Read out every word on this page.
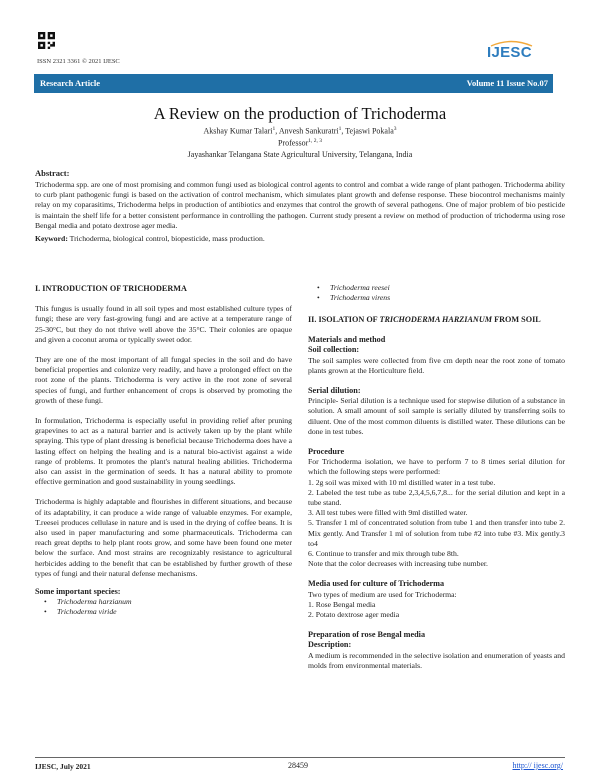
ISSN 2321 3361 © 2021 IJESC
IJESC
Research Article	Volume 11 Issue No.07
A Review on the production of Trichoderma
Akshay Kumar Talari$^1$, Anvesh Sankuratri$^1$, Tejaswi Pokala$^3$
Professor$^{1, 2, 3}$
Jayashankar Telangana State Agricultural University, Telangana, India
Abstract:
Trichoderma spp. are one of most promising and common fungi used as biological control agents to control and combat a wide range of plant pathogen. Trichoderma ability to curb plant pathogenic fungi is based on the activation of control mechanism, which simulates plant growth and defense response. These biocontrol mechanisms mainly relay on my coparasitims, Trichoderma helps in production of antibiotics and enzymes that control the growth of several pathogens. One of major problem of bio pesticide is maintain the shelf life for a better consistent performance in controlling the pathogen. Current study present a review on method of production of trichoderma using rose Bengal media and potato dextrose ager media.
Keyword: Trichoderma, biological control, biopesticide, mass production.

I. INTRODUCTION OF TRICHODERMA

This fungus is usually found in all soil types and most established culture types of fungi; these are very fast-growing fungi and are active at a temperature range of 25-30°C, but they do not thrive well above the 35°C. Their colonies are opaque and given a coconut aroma or typically sweet odor.

They are one of the most important of all fungal species in the soil and do have beneficial properties and colonize very readily, and have a prolonged effect on the root zone of the plants. Trichoderma is very active in the root zone of several species of fungi, and further enhancement of crops is observed by promoting the growth of these fungi.

In formulation, Trichoderma is especially useful in providing relief after pruning grapevines to act as a natural barrier and is actively taken up by the plant while spraying. This type of plant dressing is beneficial because Trichoderma does have a lasting effect on helping the healing and is a natural bio-activist against a wide range of problems. It promotes the plant's natural healing abilities. Trichoderma also can assist in the germination of seeds. It has a natural ability to promote effective germination and good sustainability in young seedlings.

Trichoderma is highly adaptable and flourishes in different situations, and because of its adaptability, it can produce a wide range of valuable enzymes. For example, T.reesei produces cellulase in nature and is used in the drying of coffee beans. It is also used in paper manufacturing and some pharmaceuticals. Trichoderma can reach great depths to help plant roots grow, and some have been found one meter below the surface. And most strains are recognizably resistance to agricultural herbicides adding to the benefit that can be established by further growth of these types of fungi and their natural defense mechanisms.

Some important species:
• Trichoderma harzianum
• Trichoderma viride
• Trichoderma reesei
• Trichoderma virens

II. ISOLATION OF TRICHODERMA HARZIANUM FROM SOIL

Materials and method
Soil collection:

The soil samples were collected from five cm depth near the root zone of tomato plants grown at the Horticulture field.

Serial dilution:

Principle- Serial dilution is a technique used for stepwise dilution of a substance in solution. A small amount of soil sample is serially diluted by transferring soils to diluent. One of the most common diluents is distilled water. These dilutions can be done in test tubes.

Procedure
For Trichoderma isolation, we have to perform 7 to 8 times serial dilution for which the following steps were performed:
1. 2g soil was mixed with 10 ml distilled water in a test tube.
2. Labeled the test tube as tube 2,3,4,5,6,7,8... for the serial dilution and kept in a tube stand.
3. All test tubes were filled with 9ml distilled water.
5. Transfer 1 ml of concentrated solution from tube 1 and then transfer into tube 2. Mix gently. And Transfer 1 ml of solution from tube #2 into tube #3. Mix gently.3 to4
6. Continue to transfer and mix through tube 8th.

Note that the color decreases with increasing tube number.

Media used for culture of Trichoderma
Two types of medium are used for Trichoderma:
1. Rose Bengal media

2. Potato dextrose ager media

Preparation of rose Bengal media
Description:
A medium is recommended in the selective isolation and enumeration of yeasts and molds from environmental materials.
IJESC, July 2021	28459	http:// ijesc.org/
